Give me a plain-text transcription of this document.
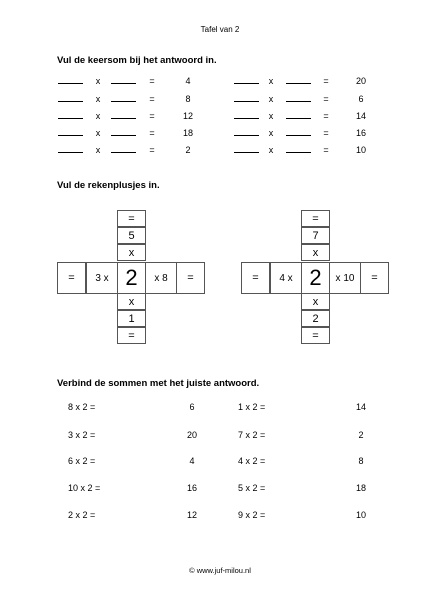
Tafel van 2
Vul de keersom bij het antwoord in.
x	=	4
x	=	8
x	=	12
x	=	18
x	=	2
x	=	20
x	=	6
x	=	14
x	=	16
x	=	10
Vul de rekenplusjes in.
=
5
x
=	3 x 2	x 8	=
x
1
=
=
7
x
=	4 x 2	x 10	=
x
2
=
Verbind de sommen met het juiste antwoord.
8 x 2 =	6	1 x 2 =	14
3 x 2 =	20	7 x 2 =	2
6 x 2 =	4	4 x 2 =	8
10 x 2 =	16	5 x 2 =	18
2 x 2 =	12	9 x 2 =	10
© www.juf-milou.nl
